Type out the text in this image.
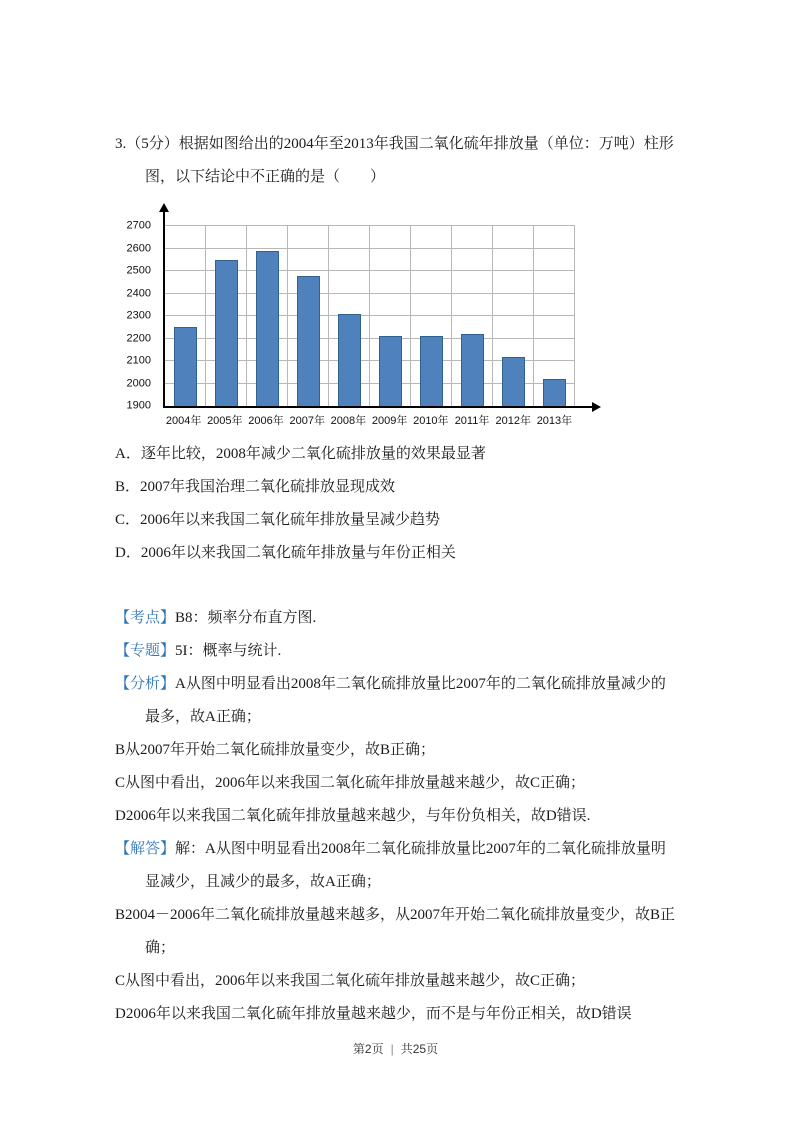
3.（5分）根据如图给出的2004年至2013年我国二氧化硫年排放量（单位：万吨）柱形图，以下结论中不正确的是（　　）

2700
2600
2500
2400
2300
2200
2100
2000
1900
2004年 2005年 2006年 2007年 2008年 2009年 2010年 2011年 2012年 2013年

A．逐年比较，2008年减少二氧化硫排放量的效果最显著

B．2007年我国治理二氧化硫排放显现成效

C．2006年以来我国二氧化硫年排放量呈减少趋势

D．2006年以来我国二氧化硫年排放量与年份正相关

【考点】B8：频率分布直方图.

【专题】5I：概率与统计.

【分析】A从图中明显看出2008年二氧化硫排放量比2007年的二氧化硫排放量减少的最多，故A正确；

B从2007年开始二氧化硫排放量变少，故B正确；

C从图中看出，2006年以来我国二氧化硫年排放量越来越少，故C正确；

D2006年以来我国二氧化硫年排放量越来越少，与年份负相关，故D错误.

【解答】解：A从图中明显看出2008年二氧化硫排放量比2007年的二氧化硫排放量明显减少，且减少的最多，故A正确；

B2004－2006年二氧化硫排放量越来越多，从2007年开始二氧化硫排放量变少，故B正确；

C从图中看出，2006年以来我国二氧化硫年排放量越来越少，故C正确；

D2006年以来我国二氧化硫年排放量越来越少，而不是与年份正相关，故D错误

第2页 | 共25页
